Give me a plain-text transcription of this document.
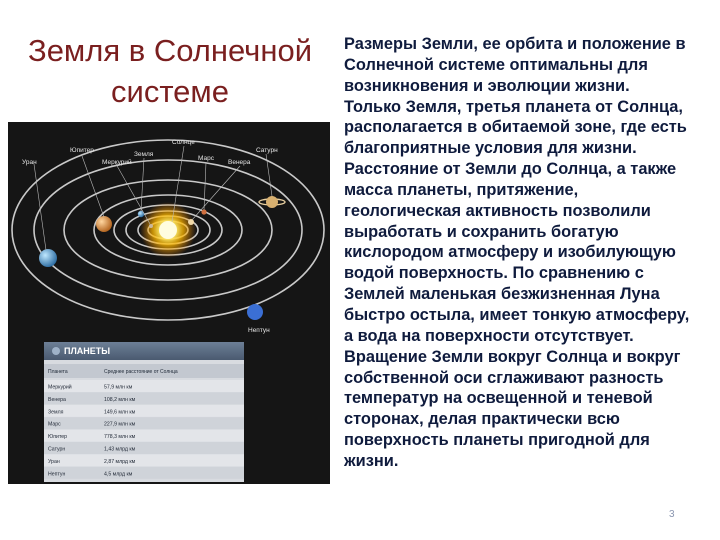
Земля в Солнечной
системе
Юпитер
Уран	Меркурий
Земля
Солнце
Марс
Венера
Сатурн
Нептун
ПЛАНЕТЫ
Планета	Среднее расстояние от Солнца
Меркурий	57,9 млн км
Венера	108,2 млн км
Земля	149,6 млн км
Марс	227,9 млн км
Юпитер	778,3 млн км
Сатурн	1,43 млрд км
Уран	2,87 млрд км
Нептун	4,5 млрд км
Размеры Земли, ее орбита и положение в
Солнечной системе оптимальны для
возникновения и эволюции жизни.
Только Земля, третья планета от Солнца,
располагается в обитаемой зоне, где есть
благоприятные условия для жизни.
Расстояние от Земли до Солнца, а также
масса планеты, притяжение,
геологическая активность позволили
выработать и сохранить богатую
кислородом атмосферу и изобилующую
водой поверхность. По сравнению с
Землей маленькая безжизненная Луна
быстро остыла, имеет тонкую атмосферу,
а вода на поверхности отсутствует.
Вращение Земли вокруг Солнца и вокруг
собственной оси сглаживают разность
температур на освещенной и теневой
сторонах, делая практически всю
поверхность планеты пригодной для
жизни.
3
